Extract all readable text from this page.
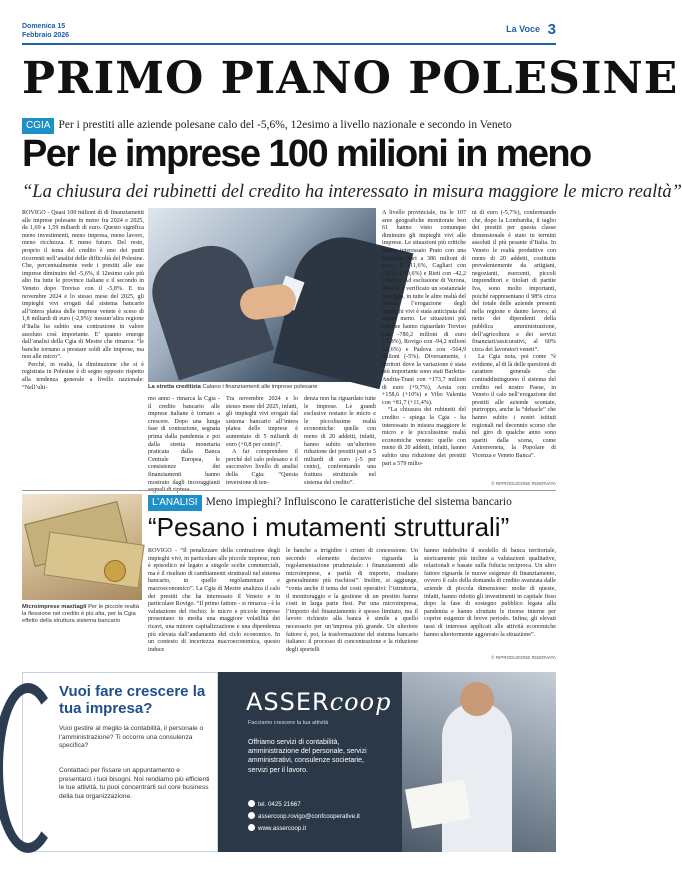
Domenica 15
Febbraio 2026
La Voce 3
PRIMO PIANO POLESINE
CGIA Per i prestiti alle aziende polesane calo del -5,6%, 12esimo a livello nazionale e secondo in Veneto
Per le imprese 100 milioni in meno
“La chiusura dei rubinetti del credito ha interessato in misura maggiore le micro realtà”

ROVIGO - Quasi 100 milioni di di finanziamenti alle imprese polesane in meno fra 2024 e 2025, da 1,69 a 1,59 miliardi di euro. Questo significa meno investimenti, meno impresa, meno lavoro, meno ricchezza. E meno futuro. Del resto, proprio il tema del credito è uno dei punti ricorrenti nell’analisi delle difficoltà del Polesine. Che, percentualmente vede i prestiti alle sue imprese diminuire del -5,6%, il 12esimo calo più alto fra tutte le province italiane e il secondo in Veneto dopo Treviso con il -5,8%. E tra novembre 2024 e lo stesso mese del 2025, gli impieghi vivi erogati dal sistema bancario all’intera platea delle imprese venete è sceso di 1,8 miliardi di euro (-2,9%): nessun’altra regione d’Italia ha subito una contrazione in valore assoluto così importante. E’ quanto emerge dall’analisi della Cgia di Mestre che rimarca: “le banche tornano a prestare soldi alle imprese, ma non alle micro”.

Perché, in realtà, la diminuzione che si è registrata in Polesine è di segno opposto rispetto alla tendenza generale a livello nazionale: “Nell’ulti-	La stretta creditizia Calano i finanziamenti alle imprese polesane

mo anno - rimarca la Cgia - il credito bancario alle imprese italiane è tornato a crescere. Dopo una lunga fase di contrazione, segnata prima dalla pandemia e poi dalla stretta monetaria praticata dalla Banca Centrale Europea, le consistenze dei finanziamenti hanno mostrato dagli incoraggianti

Tra novembre 2024 e lo stesso mese del 2025, infatti, gli impieghi vivi erogati dal sistema bancario all’intera platea delle imprese è aumentato di 5 miliardi di euro (+0,8 per cento)”.

A far comprendere il perché del calo polesano e il successivo livello di analisi della Cgia: “Questa inversione di ten-

denza non ha riguardato tutte le imprese. Le grandi esclusive restano le micro e le piccolissime realtà economiche: quelle con meno di 20 addetti, infatti, hanno subito un’ulteriore riduzione dei prestiti pari a 5 miliardi di euro (-5 per cento), confermando una frattura strutturale nel sistema del credito”.

A livello provinciale, tra le 107 aree geografiche monitorate ben 61 hanno visto comunque diminuire gli impieghi vivi alle imprese. Le situazioni più critiche hanno interessato Prato con una flessione pari a 386 milioni di euro, il -11,6%, Cagliari con -310,6 (-10,6%) e Rieti con -42,2 (-9,8%). Ad esclusione di Verona, dove si è verificato un sostanziale pareggio, in tutte le altre realtà del Veneto l’erogazione degli impieghi vivi è stata anticipata dal segno meno. Le situazioni più critiche hanno riguardato Treviso con -780,2 milioni di euro (-5,8%), Rovigo con -94,2 milioni (-5,6%) e Padova con -564,9 milioni (-5%). Diversamente, i territori dove la variazione è stata più importante sono stati Barletta-Andria-Trani con +173,7 milioni di euro (+9,7%), Aosta con +158,6 (+10%) e Vibo Valentia con +81,7 (+11,4%).

“La chiusura dei rubinetti del credito - spiega la Cgia - ha interessato in misura maggiore le micro e le piccolissime realtà economiche venete: quelle con meno di 20 addetti, infatti, hanno subito una riduzione dei prestiti pari a 579 milio-

ni di euro (-5,7%), confermando che, dopo la Lombardia, il taglio dei prestiti per questa classe dimensionale è stato in termini assoluti il più pesante d’Italia. In Veneto le realtà produttive con meno di 20 addetti, costituite prevalentemente da artigiani, negozianti, esercenti, piccoli imprenditori e titolari di partite Iva, sono molto importanti, poiché rappresentano il 98% circa del totale delle aziende presenti nella regione e danno lavoro, al netto dei dipendenti della pubblica amministrazione, dell’agricoltura e dei servizi finanziari/assicurativi, al 60% circa dei lavoratori veneti”.

La Cgia nota, poi come “è evidente, al di là delle questioni di carattere generale che contraddistinguono il sistema del credito nel nostro Paese, in Veneto il calo nell’erogazione dei prestiti alle aziende scontate, purtroppo, anche la “debacle” che hanno subìto i nostri istituti regionali nel decennio scorso che nel giro di qualche anno sono spariti dalla scena, come Antonveneta, la Popolare di Vicenza e Veneto Banca”.

© RIPRODUZIONE RISERVATA
Microimprese maxitagli Per le piccole realtà la flessione nel credito è più alta, per la Cgia effetto della struttura sistema bancario
L’ANALISI Meno impieghi? Influiscono le caratteristiche del sistema bancario
“Pesano i mutamenti strutturali”

ROVIGO - “Il penalizzare della contrazione degli impieghi vivi, in particolare alle piccole imprese, non è episodico né legato a singole scelte commerciali, ma è il risultato di cambiamenti strutturali nel sistema bancario, in quello regolamentare e macroeconomico”. La Cgia di Mestre analizza il calo dei prestiti che ha interessato il Veneto e in particolare Rovigo. “Il primo fattore - si rimarca - è la valutazione del rischio: le micro e piccole imprese presentano in media una maggiore volatilità dei ricavi, una minore capitalizzazione e una dipendenza più elevata dall’andamento del ciclo economico. In un contesto di incertezza macroeconomica, questo induce

le banche a irrigidire i criteri di concessione. Un secondo elemento decisivo riguarda la regolamentazione prudenziale: i finanziamenti alle microimprese, a parità di importo, risultano generalmente più rischiosi”. Inoltre, si aggiunge, “conta anche il tema dei costi operativi: l’istruttoria, il monitoraggio e la gestione di un prestito hanno costi in larga parte fissi. Per una microimpresa, l’importo del finanziamento è spesso limitato, ma il lavoro richiesto alla banca è simile a quello necessario per un’impresa più grande. Un ulteriore fattore è, poi, la trasformazione del sistema bancario italiano: il processo di concentrazione e la riduzione degli sportelli

hanno indebolito il modello di banca territoriale, storicamente più incline a valutazioni qualitative, relazionali e basate sulla fiducia reciproca. Un altro fattore riguarda le nuove esigenze di finanziamento, ovvero il calo della domanda di credito avanzata dalle aziende di piccola dimensione: molte di queste, infatti, hanno ridotto gli investimenti in capitale fisso dopo la fase di sostegno pubblico legata alla pandemia e hanno sfruttato le risorse interne per coprire esigenze di breve periodo. Infine, gli elevati tassi di interesse applicati alle attività economiche hanno ulteriormente aggravato la situazione”.

© RIPRODUZIONE RISERVATA
Vuoi fare crescere la tua impresa?
Vuoi gestire al meglio la contabilità, il personale o l’amministrazione? Ti occorre una consulenza specifica?
Contattaci per fissare un appuntamento e presentarci i tuoi bisogni. Noi rendiamo più efficienti le tue attività, tu puoi concentrarti sul core business della tua organizzazione.
ASSERcoop
Facciamo crescere la tua attività
Offriamo servizi di contabilità, amministrazione del personale, servizi amministrativi, consulenze societarie, servizi per il lavoro.
tel. 0425 21667
assercoop.rovigo@confcooperative.it
www.assercoop.it
